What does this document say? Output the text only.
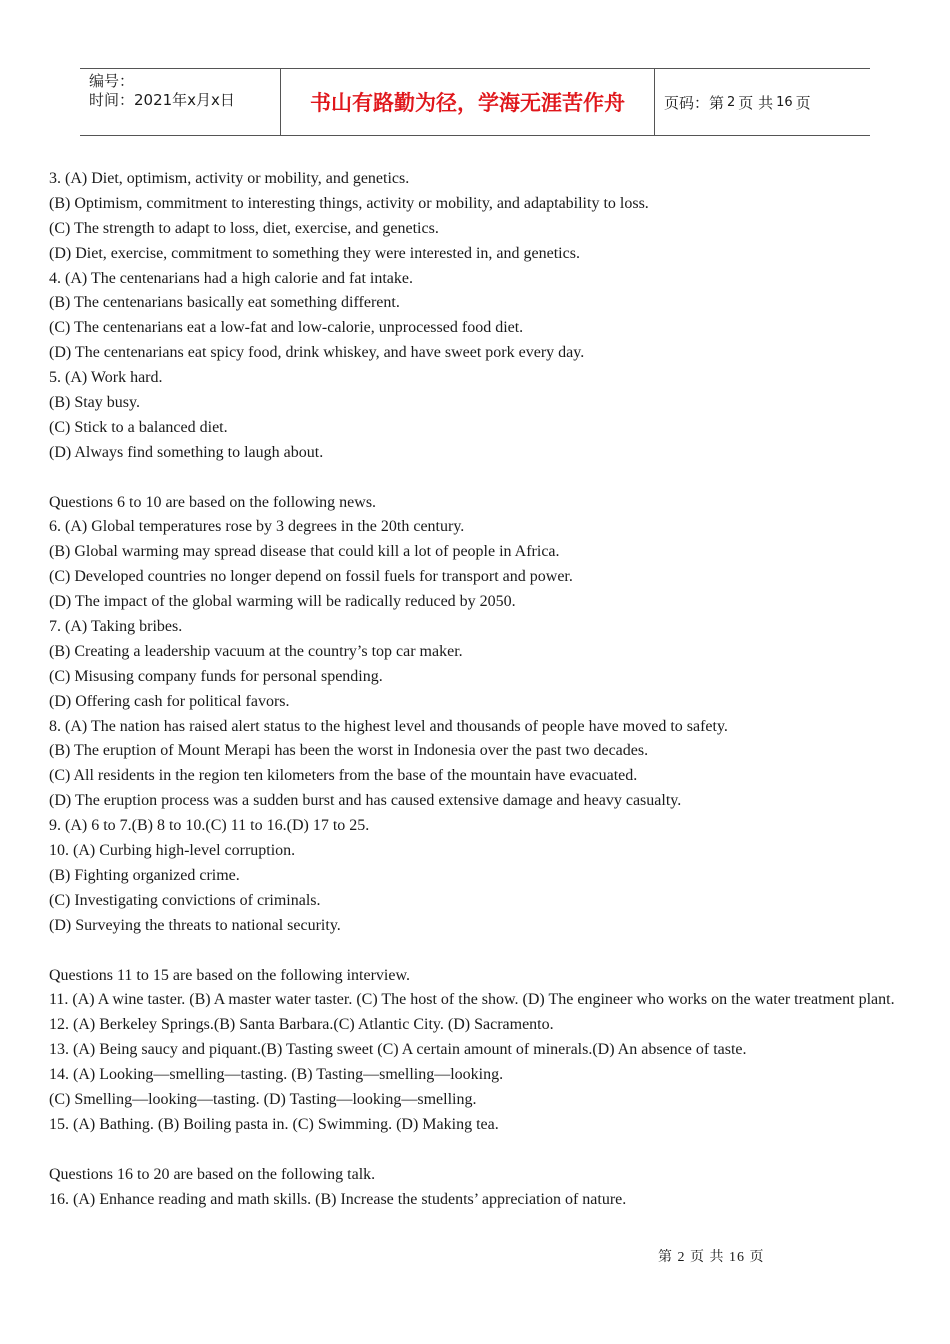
编号：
时间：2021年x月x日	书山有路勤为径，学海无涯苦作舟	页码：第 2 页 共 16 页
3. (A) Diet, optimism, activity or mobility, and genetics.
(B) Optimism, commitment to interesting things, activity or mobility, and adaptability to loss.
(C) The strength to adapt to loss, diet, exercise, and genetics.
(D) Diet, exercise, commitment to something they were interested in, and genetics.
4. (A) The centenarians had a high calorie and fat intake.
(B) The centenarians basically eat something different.
(C) The centenarians eat a low-fat and low-calorie, unprocessed food diet.
(D) The centenarians eat spicy food, drink whiskey, and have sweet pork every day.
5. (A) Work hard.
(B) Stay busy.
(C) Stick to a balanced diet.
(D) Always find something to laugh about.
Questions 6 to 10 are based on the following news.
6. (A) Global temperatures rose by 3 degrees in the 20th century.
(B) Global warming may spread disease that could kill a lot of people in Africa.
(C) Developed countries no longer depend on fossil fuels for transport and power.
(D) The impact of the global warming will be radically reduced by 2050.
7. (A) Taking bribes.
(B) Creating a leadership vacuum at the country’s top car maker.
(C) Misusing company funds for personal spending.
(D) Offering cash for political favors.
8. (A) The nation has raised alert status to the highest level and thousands of people have moved to safety.
(B) The eruption of Mount Merapi has been the worst in Indonesia over the past two decades.
(C) All residents in the region ten kilometers from the base of the mountain have evacuated.
(D) The eruption process was a sudden burst and has caused extensive damage and heavy casualty.
9. (A) 6 to 7.(B) 8 to 10.(C) 11 to 16.(D) 17 to 25.
10. (A) Curbing high-level corruption.
(B) Fighting organized crime.
(C) Investigating convictions of criminals.
(D) Surveying the threats to national security.
Questions 11 to 15 are based on the following interview.
11. (A) A wine taster. (B) A master water taster. (C) The host of the show. (D) The engineer who works on the water treatment plant.
12. (A) Berkeley Springs.(B) Santa Barbara.(C) Atlantic City. (D) Sacramento.
13. (A) Being saucy and piquant.(B) Tasting sweet (C) A certain amount of minerals.(D) An absence of taste.
14. (A) Looking—smelling—tasting. (B) Tasting—smelling—looking.
(C) Smelling—looking—tasting. (D) Tasting—looking—smelling.
15. (A) Bathing. (B) Boiling pasta in. (C) Swimming. (D) Making tea.
Questions 16 to 20 are based on the following talk.
16. (A) Enhance reading and math skills. (B) Increase the students’ appreciation of nature.
第 2 页 共 16 页
